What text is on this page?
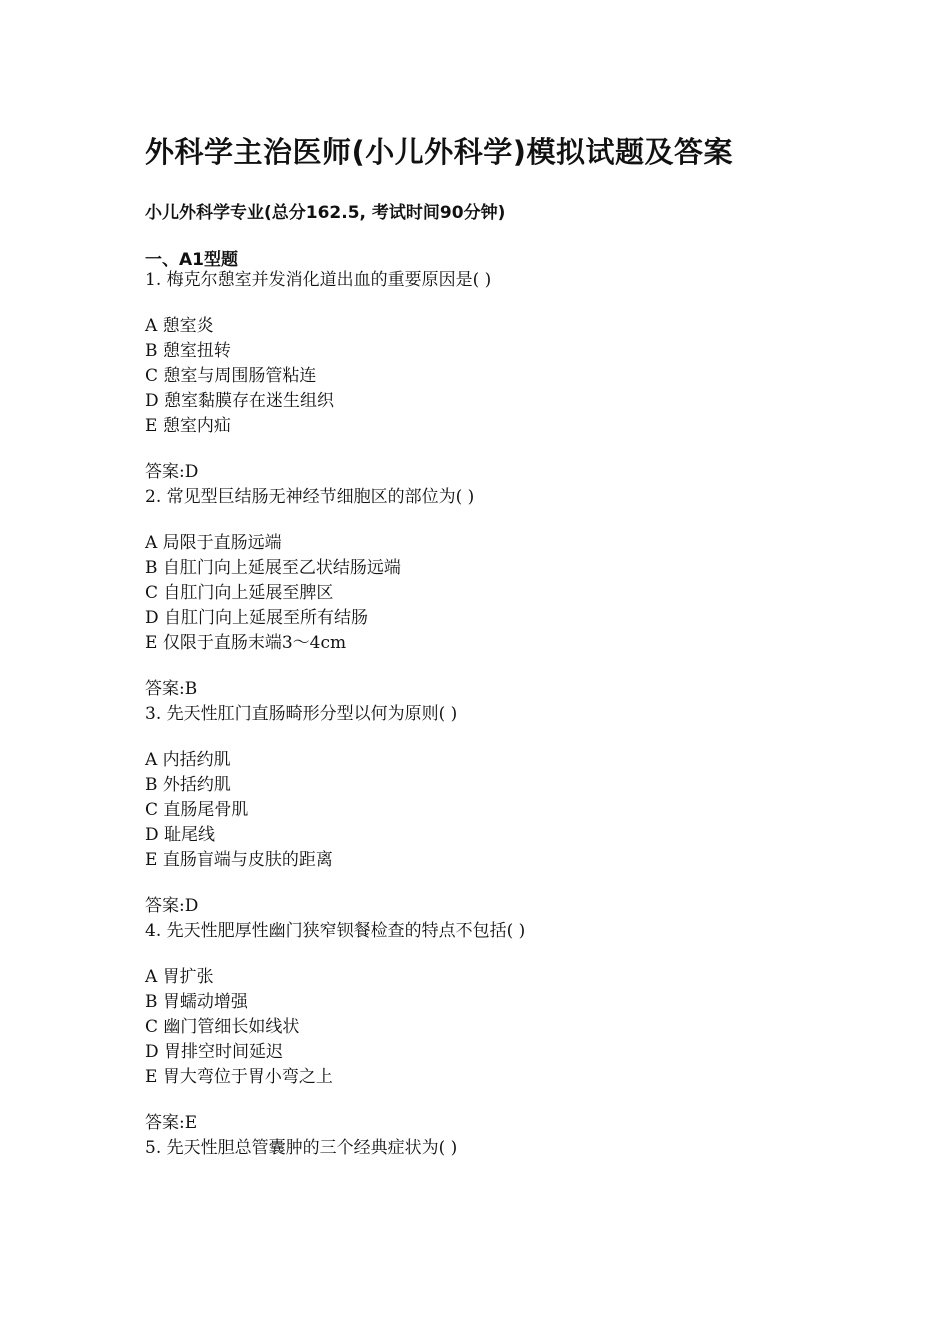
外科学主治医师(小儿外科学)模拟试题及答案
小儿外科学专业(总分162.5, 考试时间90分钟)
一、A1型题
1. 梅克尔憩室并发消化道出血的重要原因是( )
A 憩室炎
B 憩室扭转
C 憩室与周围肠管粘连
D 憩室黏膜存在迷生组织
E 憩室内疝
答案:D
2. 常见型巨结肠无神经节细胞区的部位为( )
A 局限于直肠远端
B 自肛门向上延展至乙状结肠远端
C 自肛门向上延展至脾区
D 自肛门向上延展至所有结肠
E 仅限于直肠末端3～4cm
答案:B
3. 先天性肛门直肠畸形分型以何为原则( )
A 内括约肌
B 外括约肌
C 直肠尾骨肌
D 耻尾线
E 直肠盲端与皮肤的距离
答案:D
4. 先天性肥厚性幽门狭窄钡餐检查的特点不包括( )
A 胃扩张
B 胃蠕动增强
C 幽门管细长如线状
D 胃排空时间延迟
E 胃大弯位于胃小弯之上
答案:E
5. 先天性胆总管囊肿的三个经典症状为( )
